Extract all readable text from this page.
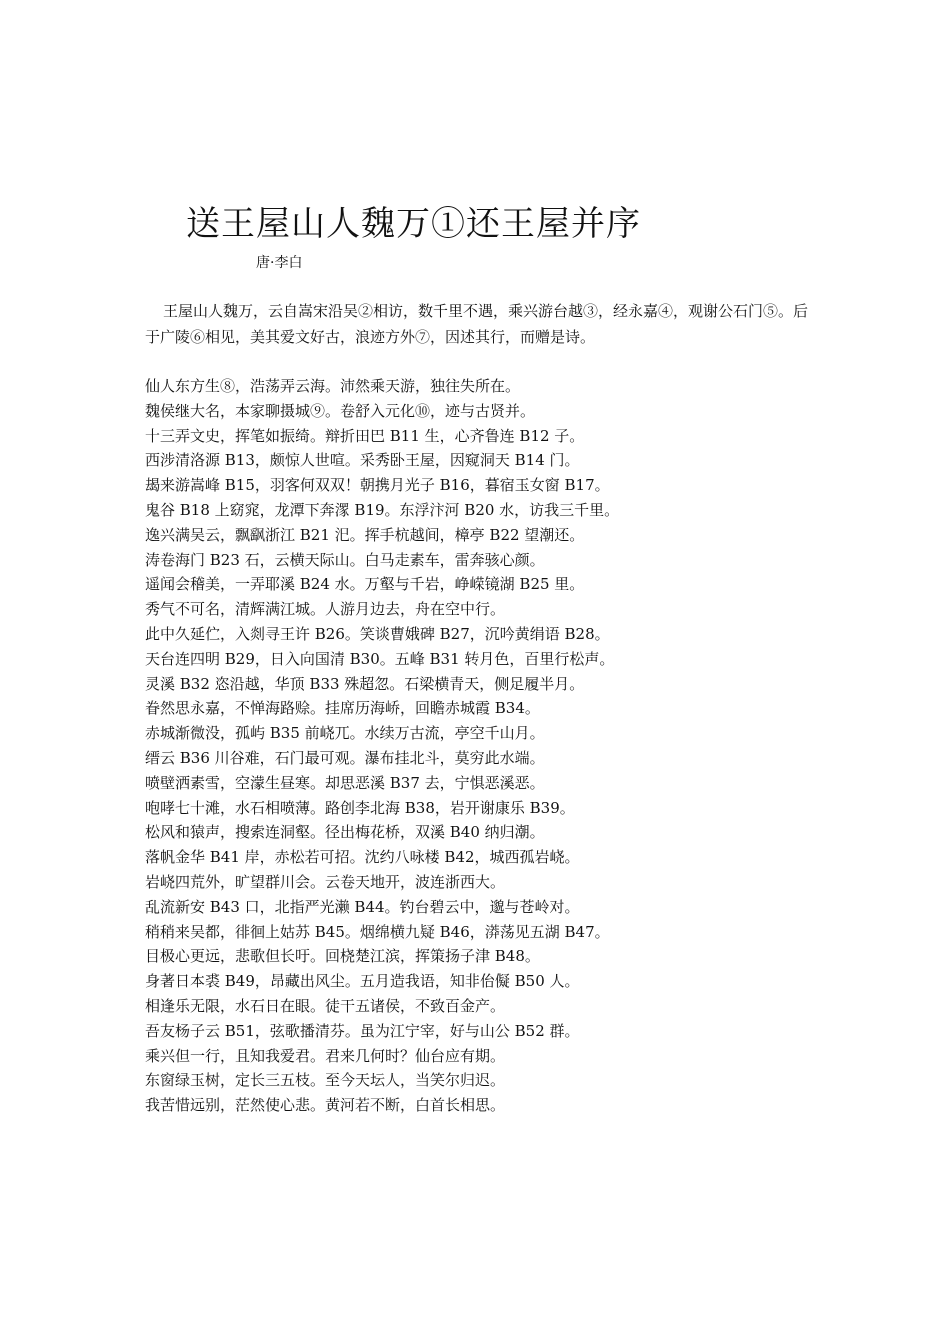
送王屋山人魏万①还王屋并序
唐·李白

王屋山人魏万，云自嵩宋沿吴②相访，数千里不遇，乘兴游台越③，经永嘉④，观谢公石门⑤。后于广陵⑥相见，美其爱文好古，浪迹方外⑦，因述其行，而赠是诗。

仙人东方生⑧，浩荡弄云海。沛然乘天游，独往失所在。
魏侯继大名，本家聊摄城⑨。卷舒入元化⑩，迹与古贤并。
十三弄文史，挥笔如振绮。辩折田巴 B11 生，心齐鲁连 B12 子。
西涉清洛源 B13，颇惊人世喧。采秀卧王屋，因窥洞天 B14 门。
朅来游嵩峰 B15，羽客何双双！朝携月光子 B16，暮宿玉女窗 B17。
鬼谷 B18 上窈窕，龙潭下奔潈 B19。东浮汴河 B20 水，访我三千里。
逸兴满吴云，飘飖浙江 B21 汜。挥手杭越间，樟亭 B22 望潮还。
涛卷海门 B23 石，云横天际山。白马走素车，雷奔骇心颜。
遥闻会稽美，一弄耶溪 B24 水。万壑与千岩，峥嵘镜湖 B25 里。
秀气不可名，清辉满江城。人游月边去，舟在空中行。
此中久延伫，入剡寻王许 B26。笑谈曹娥碑 B27，沉吟黄绢语 B28。
天台连四明 B29，日入向国清 B30。五峰 B31 转月色，百里行松声。
灵溪 B32 恣沿越，华顶 B33 殊超忽。石梁横青天，侧足履半月。
眷然思永嘉，不惮海路赊。挂席历海峤，回瞻赤城霞 B34。
赤城渐微没，孤屿 B35 前峣兀。水续万古流，亭空千山月。
缙云 B36 川谷难，石门最可观。瀑布挂北斗，莫穷此水端。
喷壁洒素雪，空濛生昼寒。却思恶溪 B37 去，宁惧恶溪恶。
咆哮七十滩，水石相喷薄。路创李北海 B38，岩开谢康乐 B39。
松风和猿声，搜索连洞壑。径出梅花桥，双溪 B40 纳归潮。
落帆金华 B41 岸，赤松若可招。沈约八咏楼 B42，城西孤岩峣。
岩峣四荒外，旷望群川会。云卷天地开，波连浙西大。
乱流新安 B43 口，北指严光濑 B44。钓台碧云中，邈与苍岭对。
稍稍来吴都，徘徊上姑苏 B45。烟绵横九疑 B46，漭荡见五湖 B47。
目极心更远，悲歌但长吁。回桡楚江滨，挥策扬子津 B48。
身著日本裘 B49，昂藏出风尘。五月造我语，知非佁儗 B50 人。
相逢乐无限，水石日在眼。徒干五诸侯，不致百金产。
吾友杨子云 B51，弦歌播清芬。虽为江宁宰，好与山公 B52 群。
乘兴但一行，且知我爱君。君来几何时？仙台应有期。
东窗绿玉树，定长三五枝。至今天坛人，当笑尔归迟。
我苦惜远别，茫然使心悲。黄河若不断，白首长相思。
